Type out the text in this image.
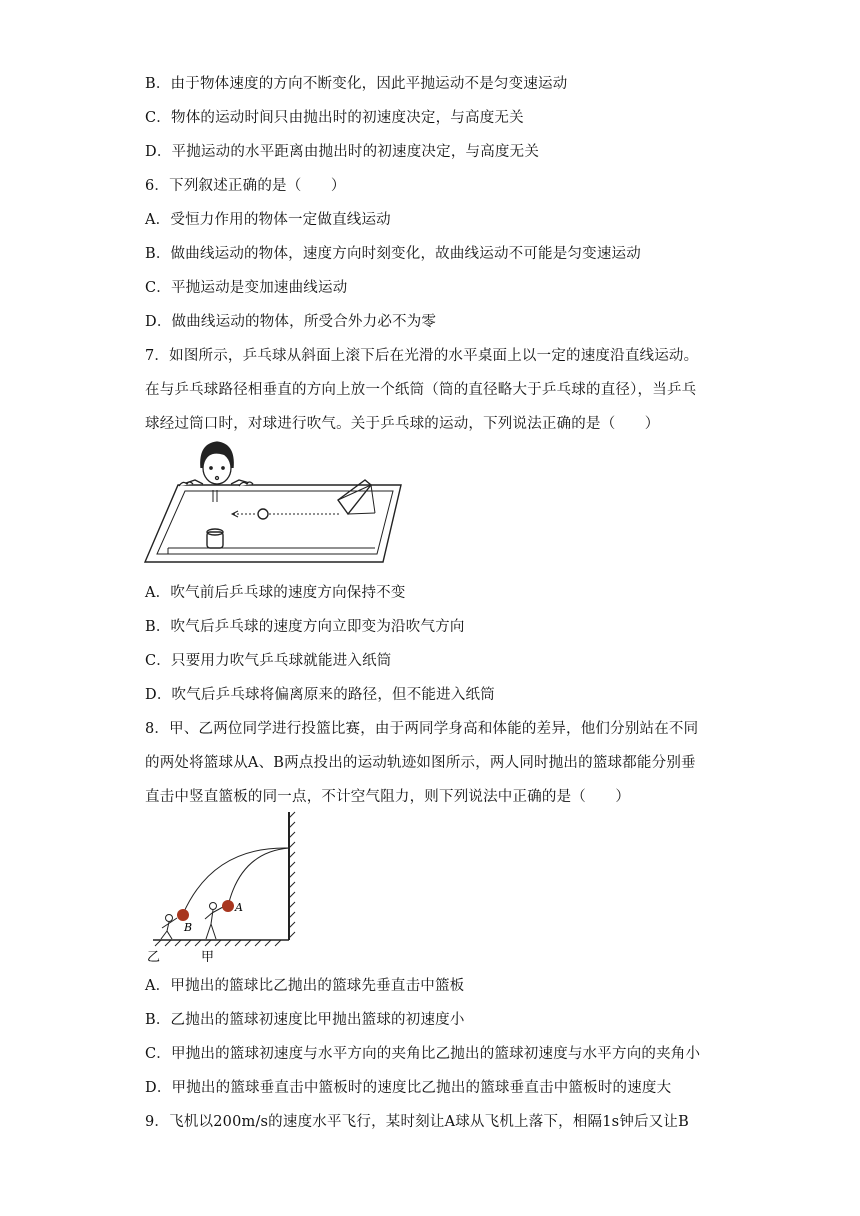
B．由于物体速度的方向不断变化，因此平抛运动不是匀变速运动
C．物体的运动时间只由抛出时的初速度决定，与高度无关
D．平抛运动的水平距离由抛出时的初速度决定，与高度无关
6．下列叙述正确的是（　　）
A．受恒力作用的物体一定做直线运动
B．做曲线运动的物体，速度方向时刻变化，故曲线运动不可能是匀变速运动
C．平抛运动是变加速曲线运动
D．做曲线运动的物体，所受合外力必不为零
7．如图所示，乒乓球从斜面上滚下后在光滑的水平桌面上以一定的速度沿直线运动。
在与乒乓球路径相垂直的方向上放一个纸筒（筒的直径略大于乒乓球的直径），当乒乓
球经过筒口时，对球进行吹气。关于乒乓球的运动，下列说法正确的是（　　）
A．吹气前后乒乓球的速度方向保持不变
B．吹气后乒乓球的速度方向立即变为沿吹气方向
C．只要用力吹气乒乓球就能进入纸筒
D．吹气后乒乓球将偏离原来的路径，但不能进入纸筒
8．甲、乙两位同学进行投篮比赛，由于两同学身高和体能的差异，他们分别站在不同
的两处将篮球从A、B两点投出的运动轨迹如图所示，两人同时抛出的篮球都能分别垂
直击中竖直篮板的同一点，不计空气阻力，则下列说法中正确的是（　　）
A．甲抛出的篮球比乙抛出的篮球先垂直击中篮板
B．乙抛出的篮球初速度比甲抛出篮球的初速度小
C．甲抛出的篮球初速度与水平方向的夹角比乙抛出的篮球初速度与水平方向的夹角小
D．甲抛出的篮球垂直击中篮板时的速度比乙抛出的篮球垂直击中篮板时的速度大
9．飞机以200m/s的速度水平飞行，某时刻让A球从飞机上落下，相隔1s钟后又让B
B
A
乙	甲
